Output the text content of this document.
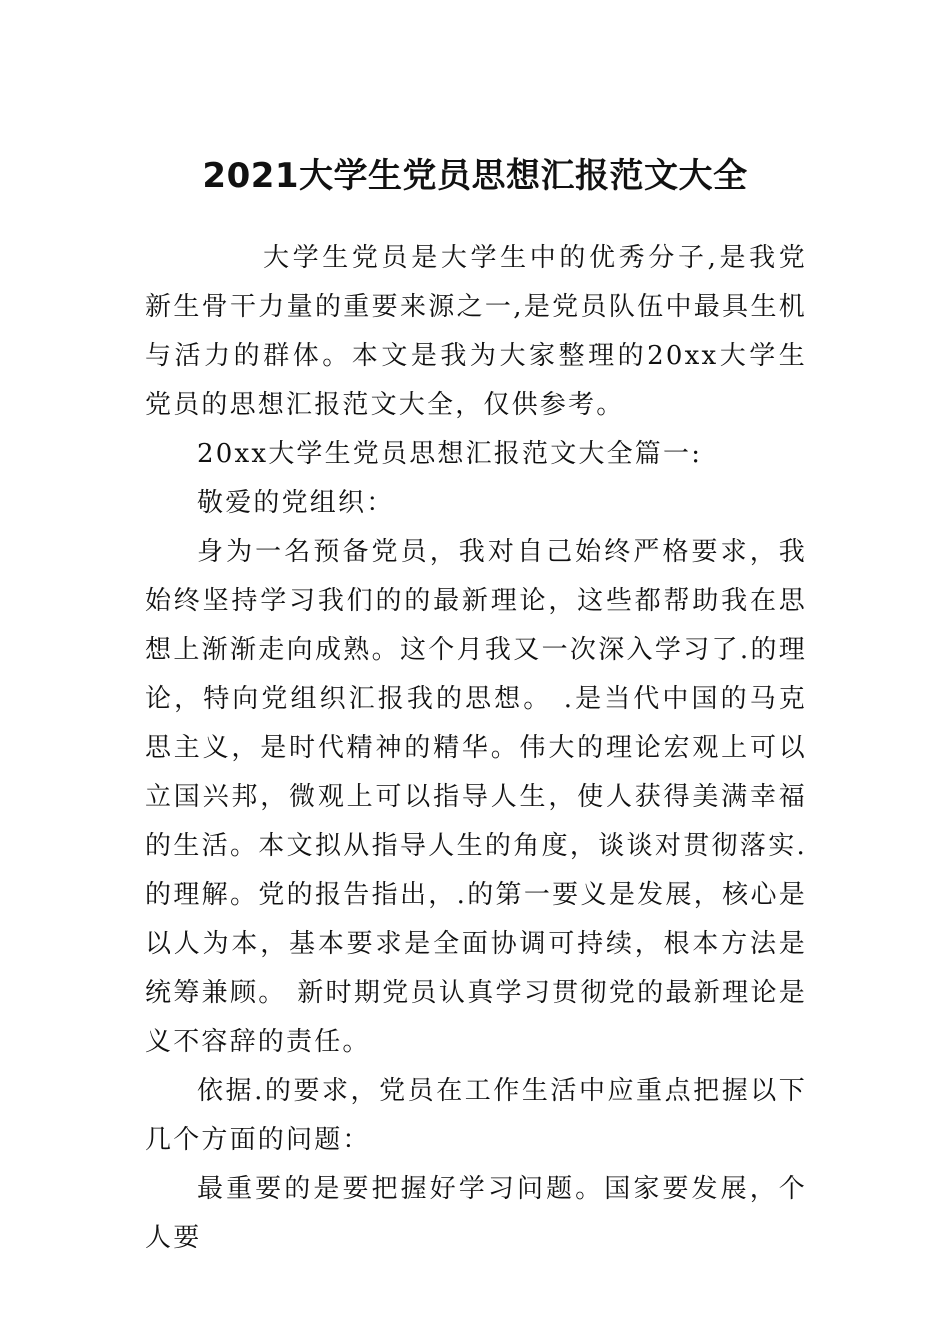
2021大学生党员思想汇报范文大全

大学生党员是大学生中的优秀分子,是我党新生骨干力量的重要来源之一,是党员队伍中最具生机与活力的群体。本文是我为大家整理的20xx大学生党员的思想汇报范文大全，仅供参考。

20xx大学生党员思想汇报范文大全篇一:

敬爱的党组织：

身为一名预备党员，我对自己始终严格要求，我始终坚持学习我们的的最新理论，这些都帮助我在思想上渐渐走向成熟。这个月我又一次深入学习了.的理论，特向党组织汇报我的思想。 .是当代中国的马克思主义，是时代精神的精华。伟大的理论宏观上可以立国兴邦，微观上可以指导人生，使人获得美满幸福的生活。本文拟从指导人生的角度，谈谈对贯彻落实.的理解。党的报告指出，.的第一要义是发展，核心是以人为本，基本要求是全面协调可持续，根本方法是统筹兼顾。 新时期党员认真学习贯彻党的最新理论是义不容辞的责任。

依据.的要求，党员在工作生活中应重点把握以下几个方面的问题：

最重要的是要把握好学习问题。国家要发展，个人要
